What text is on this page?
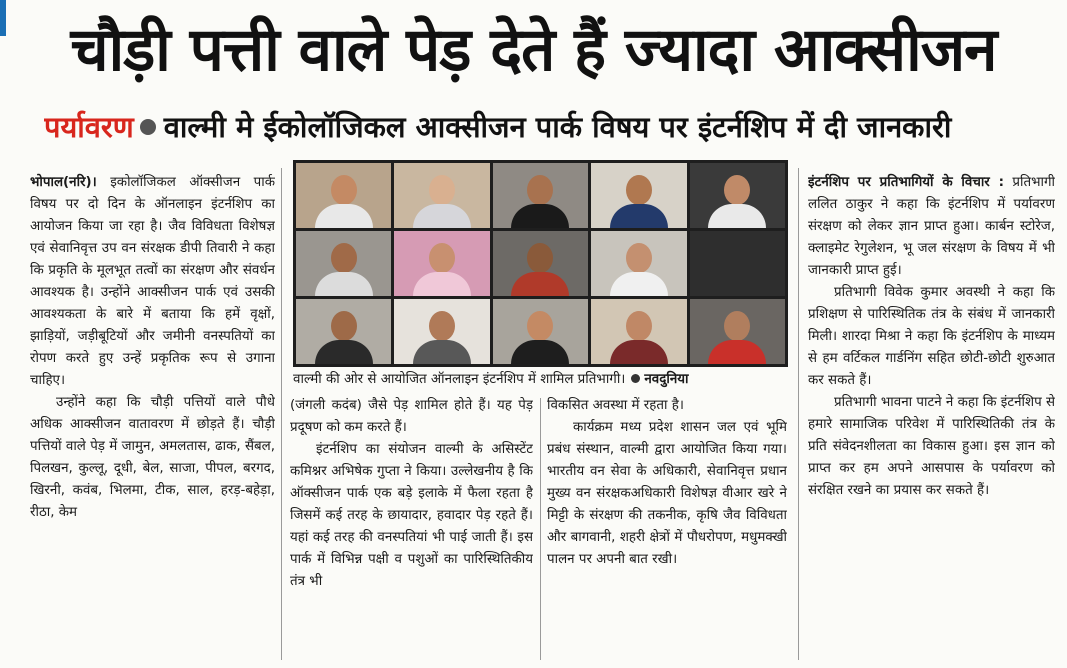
चौड़ी पत्ती वाले पेड़ देते हैं ज्यादा आक्सीजन
पर्यावरण वाल्मी मे ईकोलॉजिकल आक्सीजन पार्क विषय पर इंटर्नशिप में दी जानकारी

भोपाल(नरि)। इकोलॉजिकल ऑक्सीजन पार्क विषय पर दो दिन के ऑनलाइन इंटर्नशिप का आयोजन किया जा रहा है। जैव विविधता विशेषज्ञ एवं सेवानिवृत्त उप वन संरक्षक डीपी तिवारी ने कहा कि प्रकृति के मूलभूत तत्वों का संरक्षण और संवर्धन आवश्यक है। उन्होंने आक्सीजन पार्क एवं उसकी आवश्यकता के बारे में बताया कि हमें वृक्षों, झाड़ियों, जड़ीबूटियों और जमीनी वनस्पतियों का रोपण करते हुए उन्हें प्रकृतिक रूप से उगाना चाहिए।

उन्होंने कहा कि चौड़ी पत्तियों वाले पौधे अधिक आक्सीजन वातावरण में छोड़ते हैं। चौड़ी पत्तियों वाले पेड़ में जामुन, अमलतास, ढाक, सैंबल, पिलखन, कुल्लू, दूधी, बेल, साजा, पीपल, बरगद, खिरनी, कवंब, भिलमा, टीक, साल, हरड़-बहेड़ा, रीठा, केम

वाल्मी की ओर से आयोजित ऑनलाइन इंटर्नशिप में शामिल प्रतिभागी। नवदुनिया

(जंगली कदंब) जैसे पेड़ शामिल होते हैं। यह पेड़ प्रदूषण को कम करते हैं।

इंटर्नशिप का संयोजन वाल्मी के असिस्टेंट कमिश्नर अभिषेक गुप्ता ने किया। उल्लेखनीय है कि ऑक्सीजन पार्क एक बड़े इलाके में फैला रहता है जिसमें कई तरह के छायादार, हवादार पेड़ रहते हैं। यहां कई तरह की वनस्पतियां भी पाई जाती हैं। इस पार्क में विभिन्न पक्षी व पशुओं का पारिस्थितिकीय तंत्र भी

विकसित अवस्था में रहता है।

कार्यक्रम मध्य प्रदेश शासन जल एवं भूमि प्रबंध संस्थान, वाल्मी द्वारा आयोजित किया गया। भारतीय वन सेवा के अधिकारी, सेवानिवृत्त प्रधान मुख्य वन संरक्षकअधिकारी विशेषज्ञ वीआर खरे ने मिट्टी के संरक्षण की तकनीक, कृषि जैव विविधता और बागवानी, शहरी क्षेत्रों में पौधरोपण, मधुमक्खी पालन पर अपनी बात रखी।

इंटर्नशिप पर प्रतिभागियों के विचार : प्रतिभागी ललित ठाकुर ने कहा कि इंटर्नशिप में पर्यावरण संरक्षण को लेकर ज्ञान प्राप्त हुआ। कार्बन स्टोरेज, क्लाइमेट रेगुलेशन, भू जल संरक्षण के विषय में भी जानकारी प्राप्त हुई।

प्रतिभागी विवेक कुमार अवस्थी ने कहा कि प्रशिक्षण से पारिस्थितिक तंत्र के संबंध में जानकारी मिली। शारदा मिश्रा ने कहा कि इंटर्नशिप के माध्यम से हम वर्टिकल गार्डनिंग सहित छोटी-छोटी शुरुआत कर सकते हैं।

प्रतिभागी भावना पाटने ने कहा कि इंटर्नशिप से हमारे सामाजिक परिवेश में पारिस्थितिकी तंत्र के प्रति संवेदनशीलता का विकास हुआ। इस ज्ञान को प्राप्त कर हम अपने आसपास के पर्यावरण को संरक्षित रखने का प्रयास कर सकते हैं।
